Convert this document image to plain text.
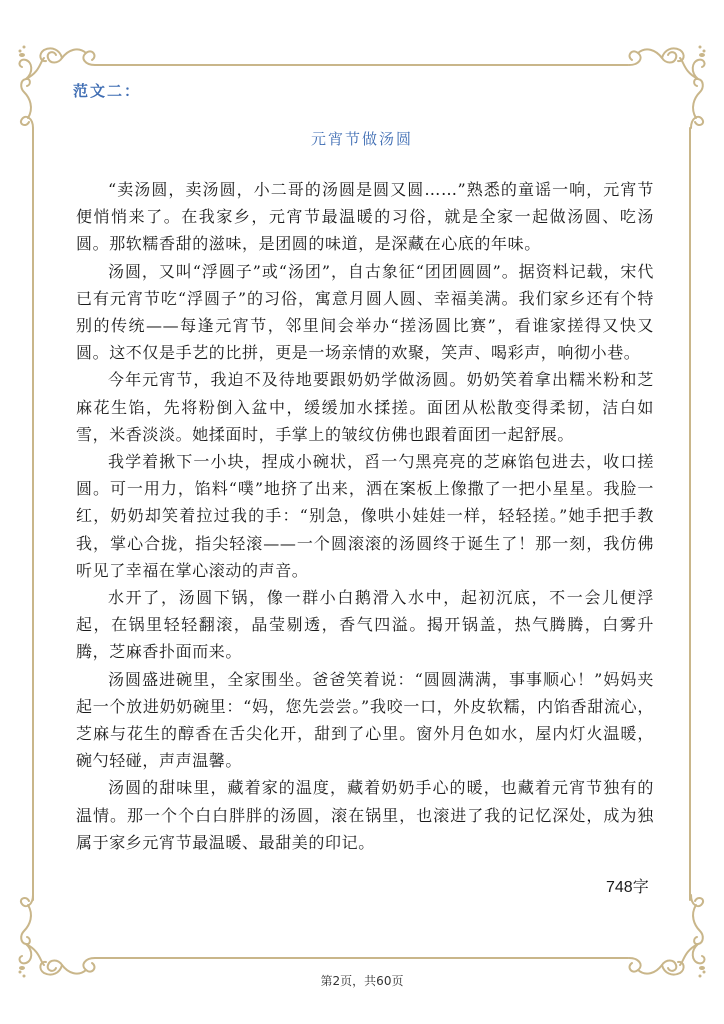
范文二：
元宵节做汤圆

“卖汤圆，卖汤圆，小二哥的汤圆是圆又圆……”熟悉的童谣一响，元宵节便悄悄来了。在我家乡，元宵节最温暖的习俗，就是全家一起做汤圆、吃汤圆。那软糯香甜的滋味，是团圆的味道，是深藏在心底的年味。

汤圆，又叫“浮圆子”或“汤团”，自古象征“团团圆圆”。据资料记载，宋代已有元宵节吃“浮圆子”的习俗，寓意月圆人圆、幸福美满。我们家乡还有个特别的传统——每逢元宵节，邻里间会举办“搓汤圆比赛”，看谁家搓得又快又圆。这不仅是手艺的比拼，更是一场亲情的欢聚，笑声、喝彩声，响彻小巷。

今年元宵节，我迫不及待地要跟奶奶学做汤圆。奶奶笑着拿出糯米粉和芝麻花生馅，先将粉倒入盆中，缓缓加水揉搓。面团从松散变得柔韧，洁白如雪，米香淡淡。她揉面时，手掌上的皱纹仿佛也跟着面团一起舒展。

我学着揪下一小块，捏成小碗状，舀一勺黑亮亮的芝麻馅包进去，收口搓圆。可一用力，馅料“噗”地挤了出来，洒在案板上像撒了一把小星星。我脸一红，奶奶却笑着拉过我的手：“别急，像哄小娃娃一样，轻轻搓。”她手把手教我，掌心合拢，指尖轻滚——一个圆滚滚的汤圆终于诞生了！那一刻，我仿佛听见了幸福在掌心滚动的声音。

水开了，汤圆下锅，像一群小白鹅滑入水中，起初沉底，不一会儿便浮起，在锅里轻轻翻滚，晶莹剔透，香气四溢。揭开锅盖，热气腾腾，白雾升腾，芝麻香扑面而来。

汤圆盛进碗里，全家围坐。爸爸笑着说：“圆圆满满，事事顺心！”妈妈夹起一个放进奶奶碗里：“妈，您先尝尝。”我咬一口，外皮软糯，内馅香甜流心，芝麻与花生的醇香在舌尖化开，甜到了心里。窗外月色如水，屋内灯火温暖，碗勺轻碰，声声温馨。

汤圆的甜味里，藏着家的温度，藏着奶奶手心的暖，也藏着元宵节独有的温情。那一个个白白胖胖的汤圆，滚在锅里，也滚进了我的记忆深处，成为独属于家乡元宵节最温暖、最甜美的印记。

748字
第2页，共60页
